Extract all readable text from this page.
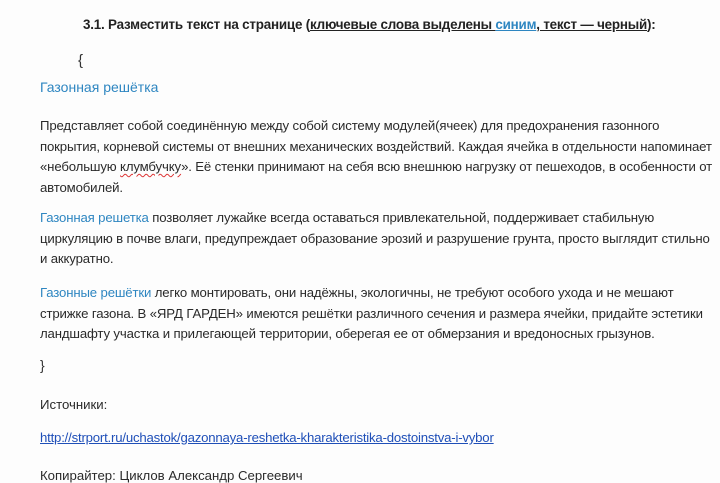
3.1. Разместить текст на странице (ключевые слова выделены синим, текст — черный):
{
Газонная решётка
Представляет собой соединённую между собой систему модулей(ячеек) для предохранения газонного покрытия, корневой системы от внешних механических воздействий. Каждая ячейка в отдельности напоминает «небольшую клумбучку». Её стенки принимают на себя всю внешнюю нагрузку от пешеходов, в особенности от автомобилей.
Газонная решетка позволяет лужайке всегда оставаться привлекательной, поддерживает стабильную циркуляцию в почве влаги, предупреждает образование эрозий и разрушение грунта, просто выглядит стильно и аккуратно.
Газонные решётки легко монтировать, они надёжны, экологичны, не требуют особого ухода и не мешают стрижке газона. В «ЯРД ГАРДЕН» имеются решётки различного сечения и размера ячейки, придайте эстетики ландшафту участка и прилегающей территории, оберегая ее от обмерзания и вредоносных грызунов.
}
Источники:
http://strport.ru/uchastok/gazonnaya-reshetka-kharakteristika-dostoinstva-i-vybor
Копирайтер: Циклов Александр Сергеевич
